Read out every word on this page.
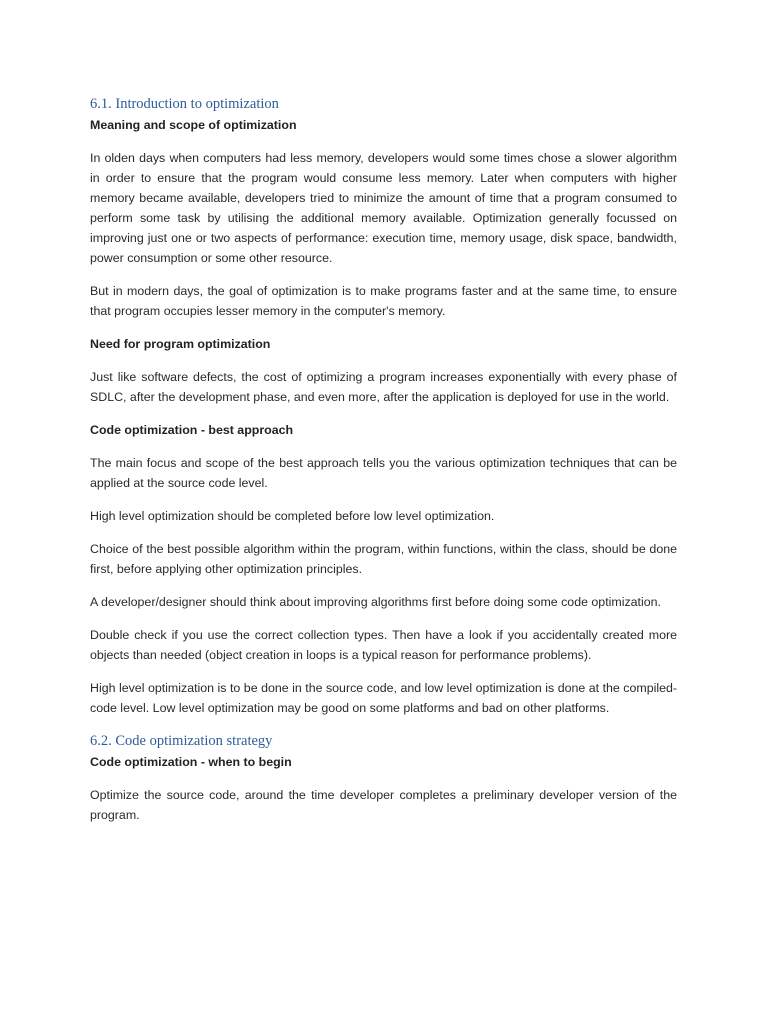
6.1. Introduction to optimization
Meaning and scope of optimization

In olden days when computers had less memory, developers would some times chose a slower algorithm in order to ensure that the program would consume less memory. Later when computers with higher memory became available, developers tried to minimize the amount of time that a program consumed to perform some task by utilising the additional memory available. Optimization generally focussed on improving just one or two aspects of performance: execution time, memory usage, disk space, bandwidth, power consumption or some other resource.

But in modern days, the goal of optimization is to make programs faster and at the same time, to ensure that program occupies lesser memory in the computer's memory.

Need for program optimization

Just like software defects, the cost of optimizing a program increases exponentially with every phase of SDLC, after the development phase, and even more, after the application is deployed for use in the world.

Code optimization - best approach

The main focus and scope of the best approach tells you the various optimization techniques that can be applied at the source code level.

High level optimization should be completed before low level optimization.

Choice of the best possible algorithm within the program, within functions, within the class, should be done first, before applying other optimization principles.

A developer/designer should think about improving algorithms first before doing some code optimization.

Double check if you use the correct collection types. Then have a look if you accidentally created more objects than needed (object creation in loops is a typical reason for performance problems).

High level optimization is to be done in the source code, and low level optimization is done at the compiled-code level. Low level optimization may be good on some platforms and bad on other platforms.

6.2. Code optimization strategy
Code optimization - when to begin

Optimize the source code, around the time developer completes a preliminary developer version of the program.
